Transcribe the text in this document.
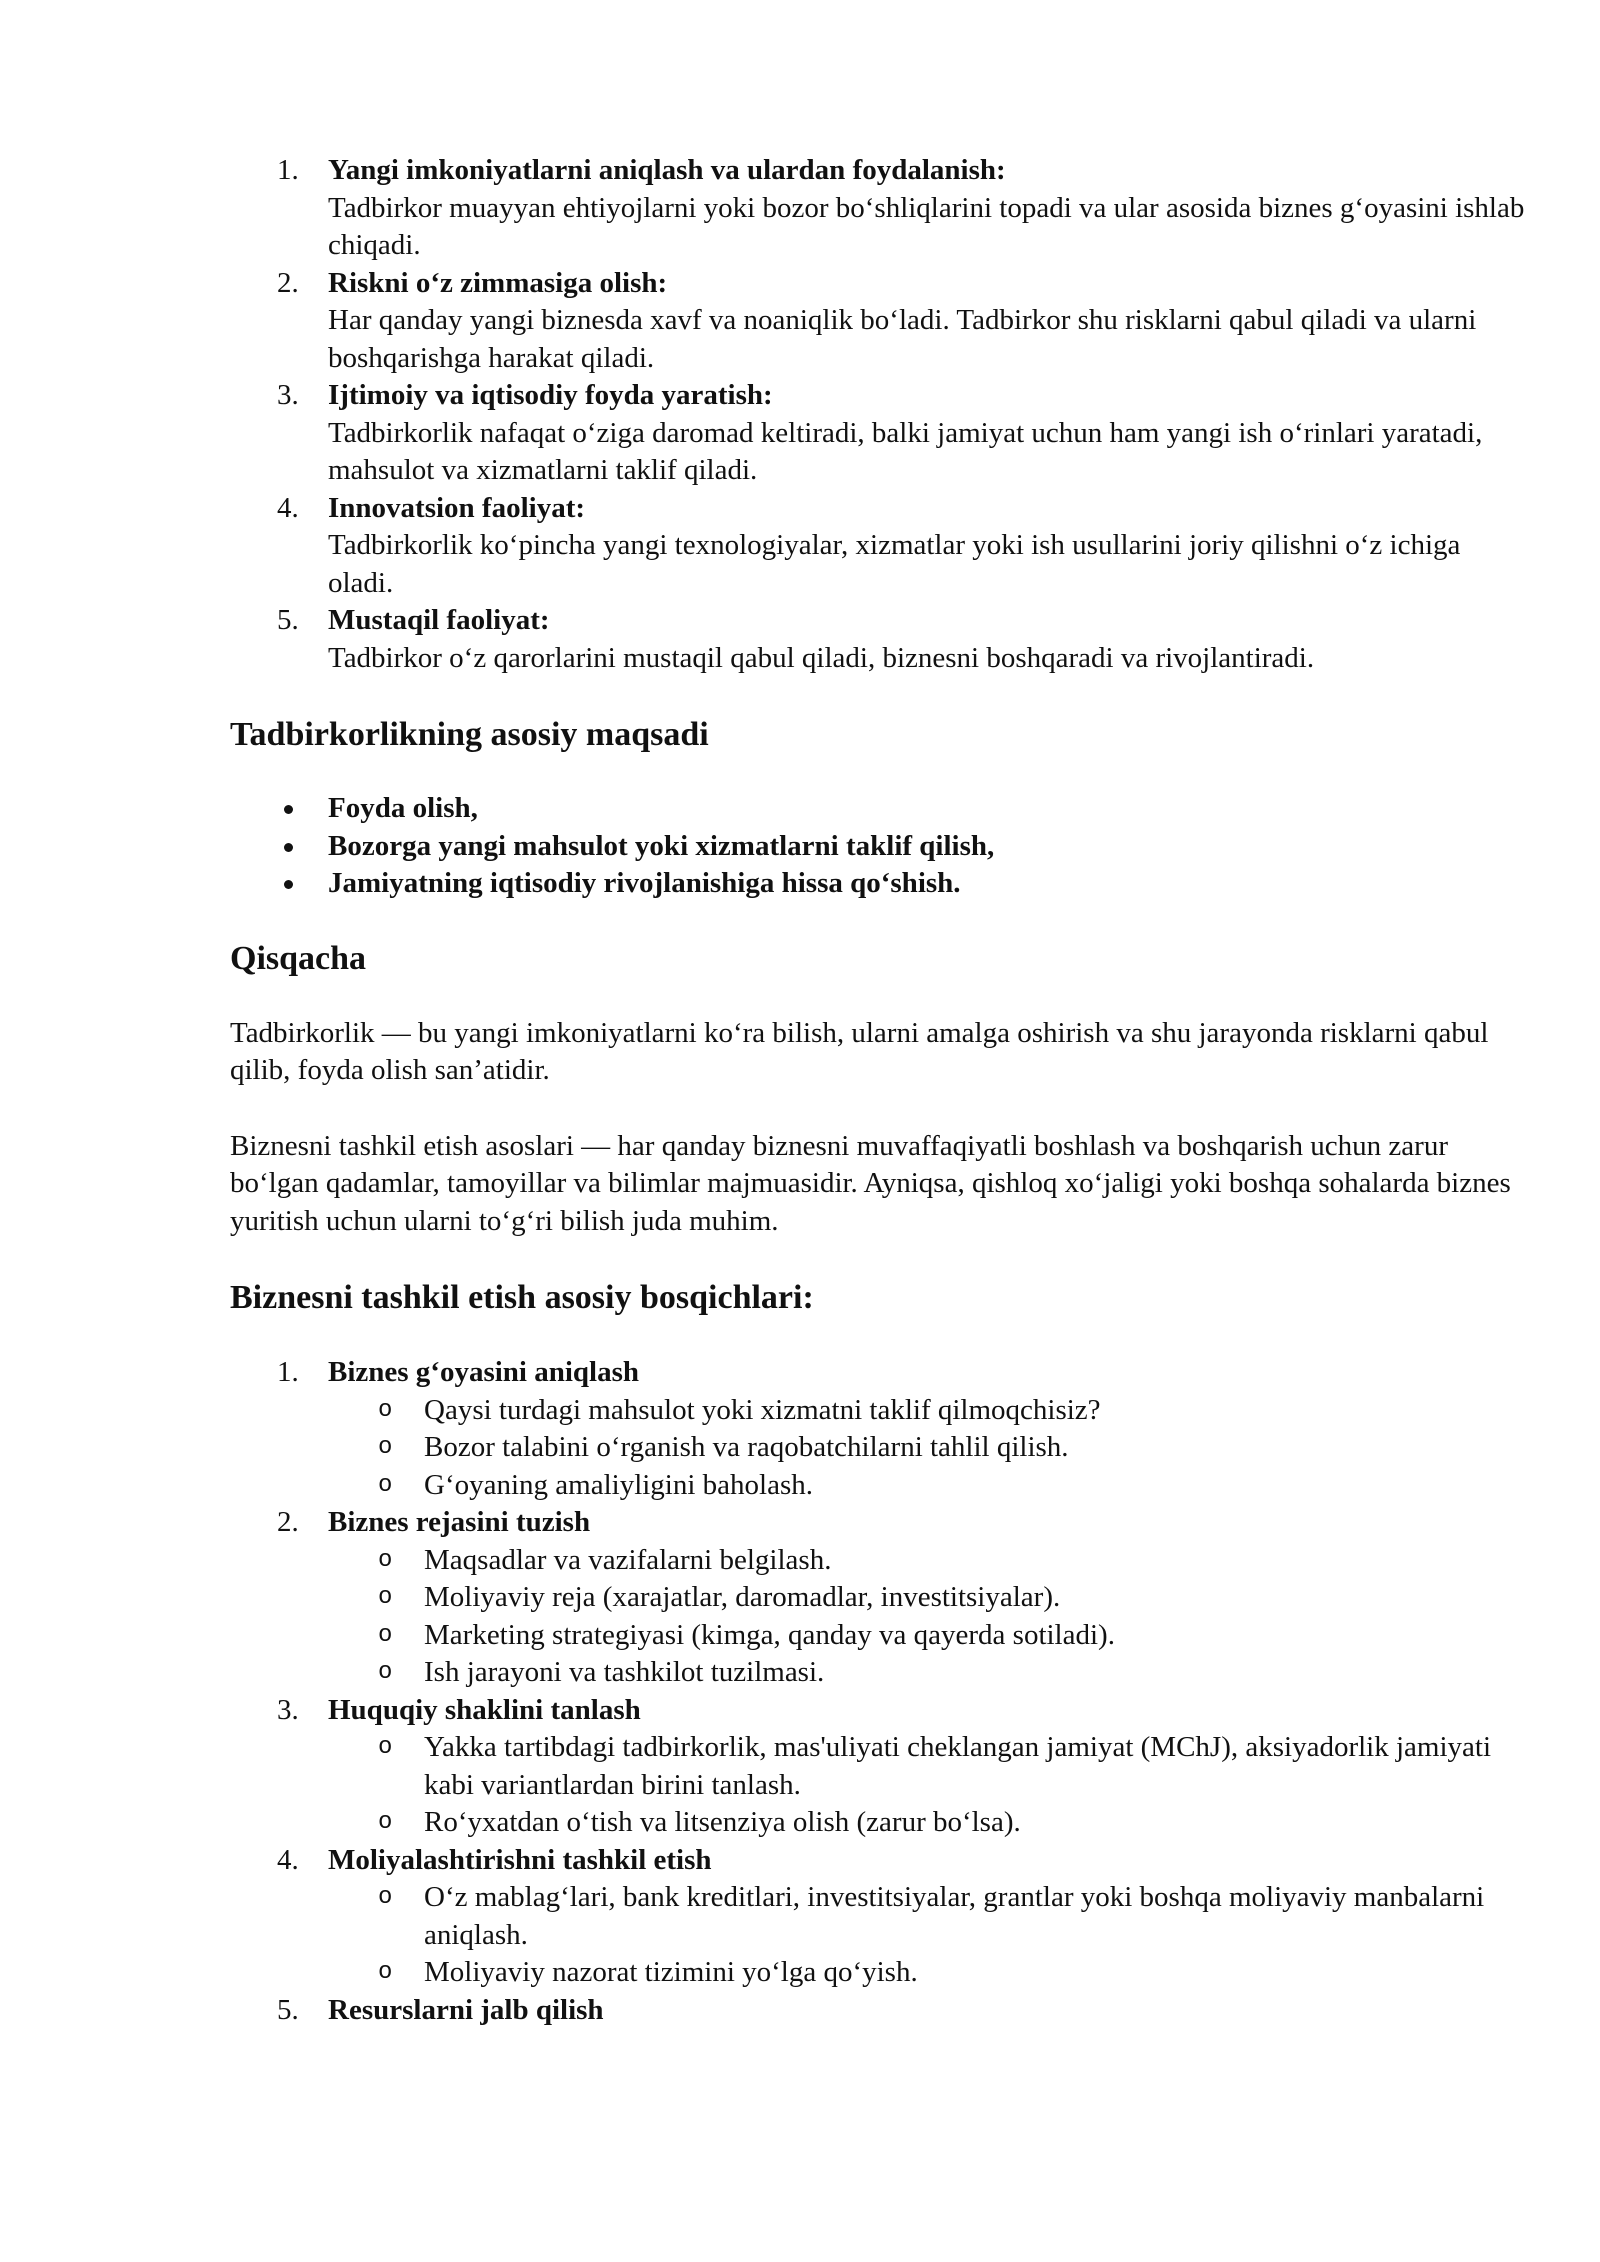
1. Yangi imkoniyatlarni aniqlash va ulardan foydalanish:
Tadbirkor muayyan ehtiyojlarni yoki bozor bo‘shliqlarini topadi va ular asosida biznes g‘oyasini ishlab chiqadi.
2. Riskni o‘z zimmasiga olish:
Har qanday yangi biznesda xavf va noaniqlik bo‘ladi. Tadbirkor shu risklarni qabul qiladi va ularni boshqarishga harakat qiladi.
3. Ijtimoiy va iqtisodiy foyda yaratish:
Tadbirkorlik nafaqat o‘ziga daromad keltiradi, balki jamiyat uchun ham yangi ish o‘rinlari yaratadi, mahsulot va xizmatlarni taklif qiladi.
4. Innovatsion faoliyat:
Tadbirkorlik ko‘pincha yangi texnologiyalar, xizmatlar yoki ish usullarini joriy qilishni o‘z ichiga oladi.
5. Mustaqil faoliyat:
Tadbirkor o‘z qarorlarini mustaqil qabul qiladi, biznesni boshqaradi va rivojlantiradi.
Tadbirkorlikning asosiy maqsadi
Foyda olish,
Bozorga yangi mahsulot yoki xizmatlarni taklif qilish,
Jamiyatning iqtisodiy rivojlanishiga hissa qo‘shish.
Qisqacha

Tadbirkorlik — bu yangi imkoniyatlarni ko‘ra bilish, ularni amalga oshirish va shu jarayonda risklarni qabul qilib, foyda olish san’atidir.

Biznesni tashkil etish asoslari — har qanday biznesni muvaffaqiyatli boshlash va boshqarish uchun zarur bo‘lgan qadamlar, tamoyillar va bilimlar majmuasidir. Ayniqsa, qishloq xo‘jaligi yoki boshqa sohalarda biznes yuritish uchun ularni to‘g‘ri bilish juda muhim.

Biznesni tashkil etish asosiy bosqichlari:
1. Biznes g‘oyasini aniqlash
o Qaysi turdagi mahsulot yoki xizmatni taklif qilmoqchisiz?
o Bozor talabini o‘rganish va raqobatchilarni tahlil qilish.
o G‘oyaning amaliyligini baholash.
2. Biznes rejasini tuzish
o Maqsadlar va vazifalarni belgilash.
o Moliyaviy reja (xarajatlar, daromadlar, investitsiyalar).
o Marketing strategiyasi (kimga, qanday va qayerda sotiladi).
o Ish jarayoni va tashkilot tuzilmasi.
3. Huquqiy shaklini tanlash
o Yakka tartibdagi tadbirkorlik, mas'uliyati cheklangan jamiyat (MChJ), aksiyadorlik jamiyati kabi variantlardan birini tanlash.
o Ro‘yxatdan o‘tish va litsenziya olish (zarur bo‘lsa).
4. Moliyalashtirishni tashkil etish
o O‘z mablag‘lari, bank kreditlari, investitsiyalar, grantlar yoki boshqa moliyaviy manbalarni aniqlash.
o Moliyaviy nazorat tizimini yo‘lga qo‘yish.
5. Resurslarni jalb qilish
